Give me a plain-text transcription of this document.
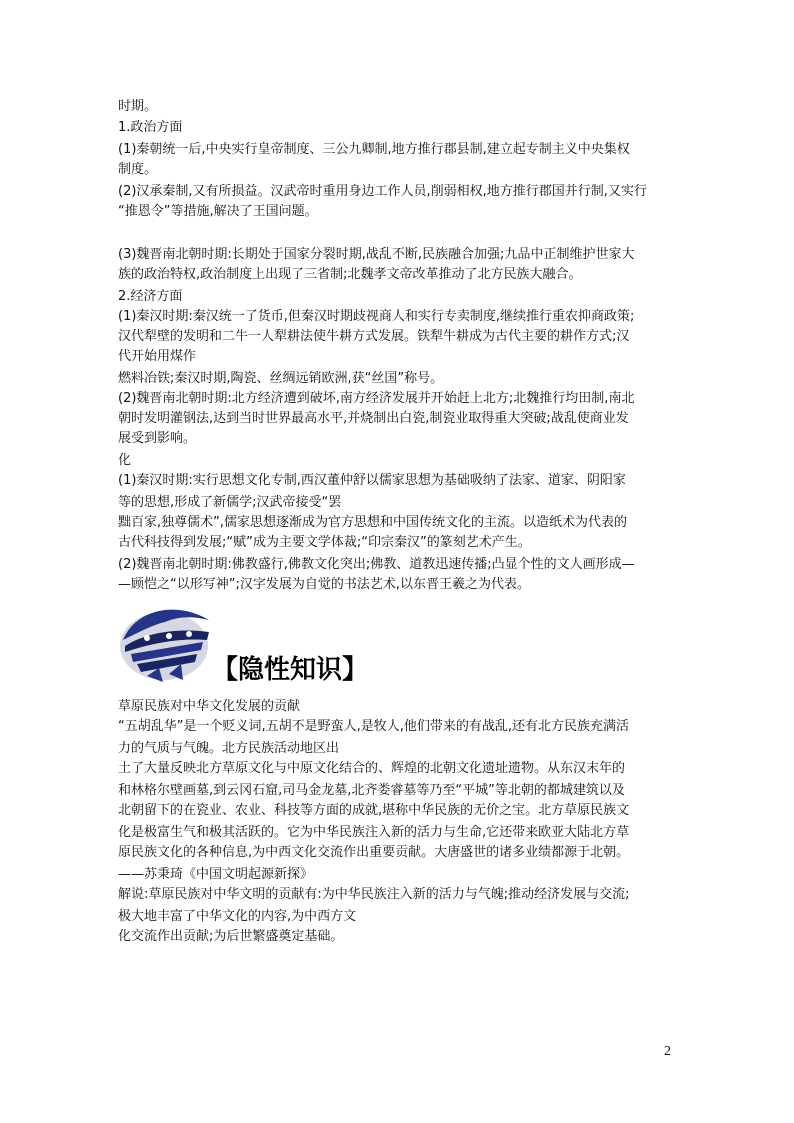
时期。
1.政治方面
(1)秦朝统一后,中央实行皇帝制度、三公九卿制,地方推行郡县制,建立起专制主义中央集权
制度。
(2)汉承秦制,又有所损益。汉武帝时重用身边工作人员,削弱相权,地方推行郡国并行制,又实行
“推恩令”等措施,解决了王国问题。
(3)魏晋南北朝时期:长期处于国家分裂时期,战乱不断,民族融合加强;九品中正制维护世家大
族的政治特权,政治制度上出现了三省制;北魏孝文帝改革推动了北方民族大融合。
2.经济方面
(1)秦汉时期:秦汉统一了货币,但秦汉时期歧视商人和实行专卖制度,继续推行重农抑商政策;
汉代犁壁的发明和二牛一人犁耕法使牛耕方式发展。铁犁牛耕成为古代主要的耕作方式;汉
代开始用煤作
燃料冶铁;秦汉时期,陶瓷、丝绸远销欧洲,获“丝国”称号。
(2)魏晋南北朝时期:北方经济遭到破坏,南方经济发展并开始赶上北方;北魏推行均田制,南北
朝时发明灌钢法,达到当时世界最高水平,并烧制出白瓷,制瓷业取得重大突破;战乱使商业发
展受到影响。
化
(1)秦汉时期:实行思想文化专制,西汉董仲舒以儒家思想为基础吸纳了法家、道家、阴阳家
等的思想,形成了新儒学;汉武帝接受“罢
黜百家,独尊儒术”,儒家思想逐渐成为官方思想和中国传统文化的主流。以造纸术为代表的
古代科技得到发展;“赋”成为主要文学体裁;“印宗秦汉”的篆刻艺术产生。
(2)魏晋南北朝时期:佛教盛行,佛教文化突出;佛教、道教迅速传播;凸显个性的文人画形成—
—顾恺之“以形写神”;汉字发展为自觉的书法艺术,以东晋王羲之为代表。
【隐性知识】
草原民族对中华文化发展的贡献
“五胡乱华”是一个贬义词,五胡不是野蛮人,是牧人,他们带来的有战乱,还有北方民族充满活
力的气质与气魄。北方民族活动地区出
土了大量反映北方草原文化与中原文化结合的、辉煌的北朝文化遗址遗物。从东汉末年的
和林格尔壁画墓,到云冈石窟,司马金龙墓,北齐娄睿墓等乃至“平城”等北朝的都城建筑以及
北朝留下的在瓷业、农业、科技等方面的成就,堪称中华民族的无价之宝。北方草原民族文
化是极富生气和极其活跃的。它为中华民族注入新的活力与生命,它还带来欧亚大陆北方草
原民族文化的各种信息,为中西文化交流作出重要贡献。大唐盛世的诸多业绩都源于北朝。
——苏秉琦《中国文明起源新探》
解说:草原民族对中华文明的贡献有:为中华民族注入新的活力与气魄;推动经济发展与交流;
极大地丰富了中华文化的内容,为中西方文
化交流作出贡献;为后世繁盛奠定基础。
2
